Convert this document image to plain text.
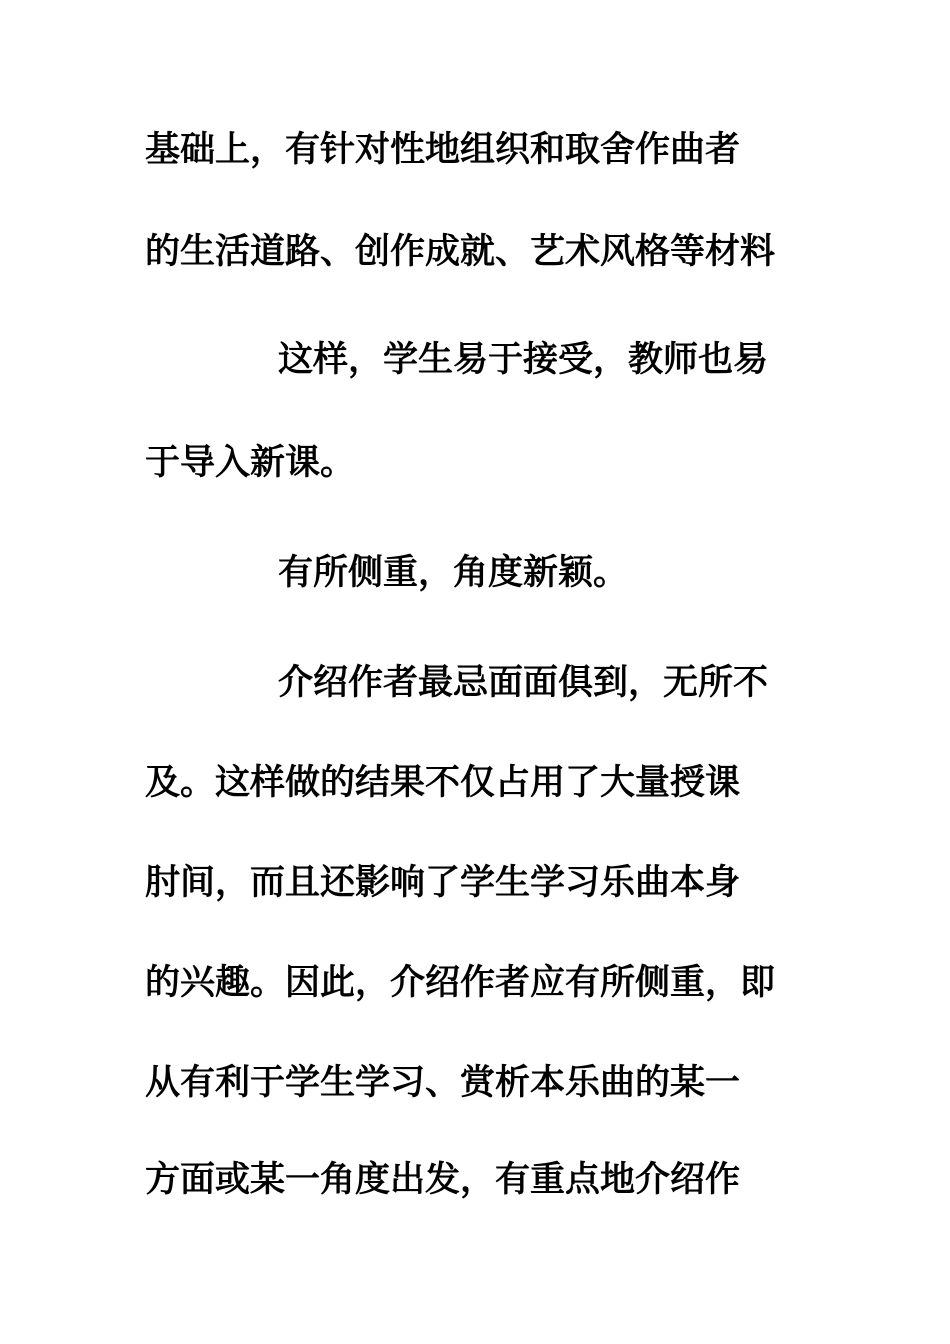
基础上，有针对性地组织和取舍作曲者
的生活道路、创作成就、艺术风格等材料
这样，学生易于接受，教师也易
于导入新课。
有所侧重，角度新颖。
介绍作者最忌面面俱到，无所不
及。这样做的结果不仅占用了大量授课
肘间，而且还影响了学生学习乐曲本身
的兴趣。因此，介绍作者应有所侧重，即
从有利于学生学习、赏析本乐曲的某一
方面或某一角度出发，有重点地介绍作
